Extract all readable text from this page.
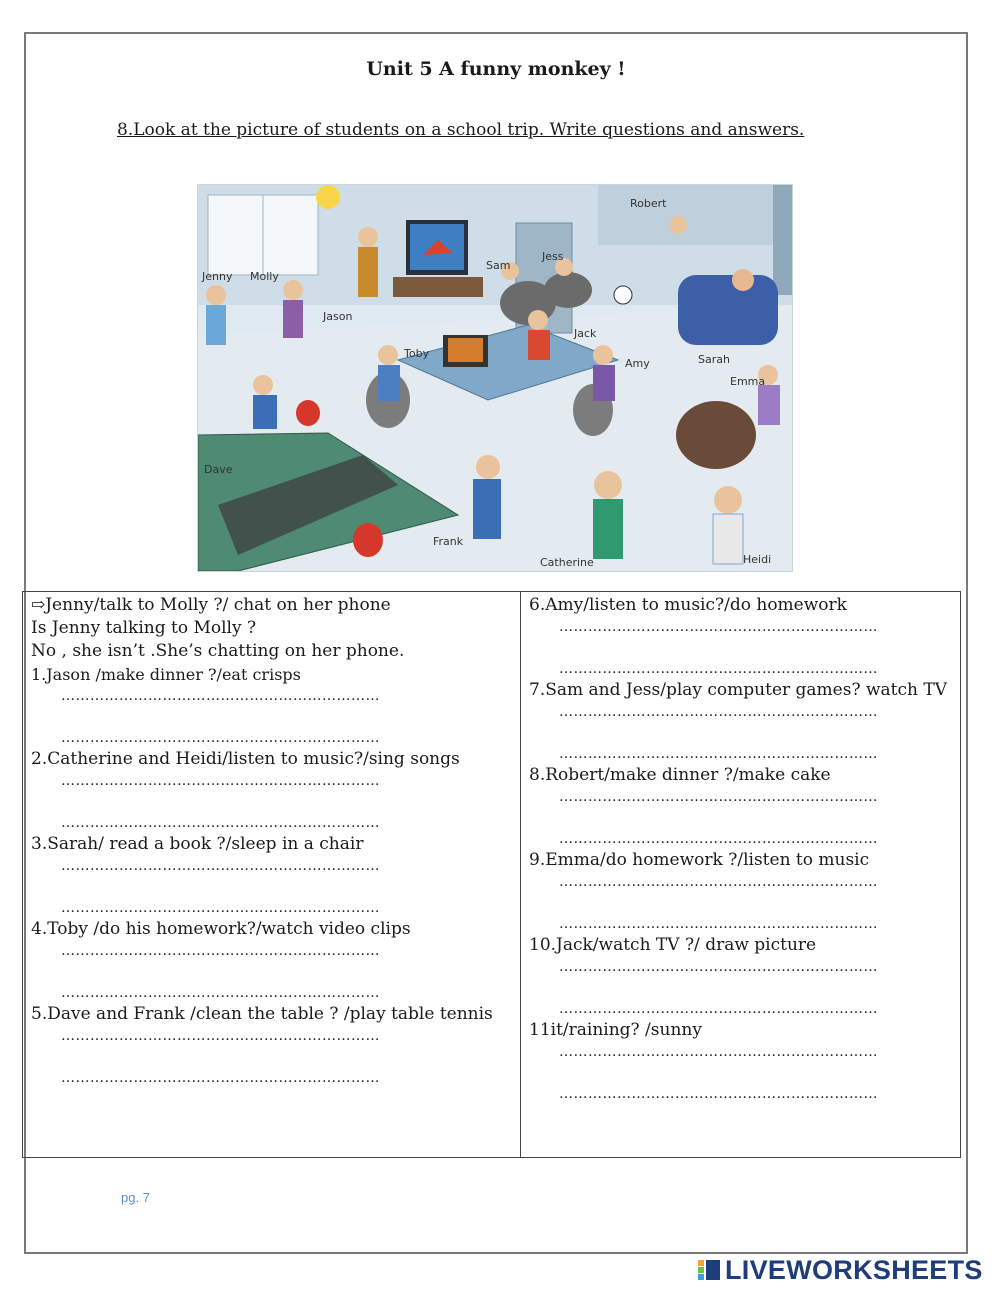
Unit 5 A funny monkey !
8.Look at the picture of students on a school trip. Write questions and answers.
Robert
Jess
Sam
Jenny Molly
Jason
Toby
Jack
Amy	Sarah
Emma
Dave
Frank
Catherine	Heidi
⇨Jenny/talk to Molly ?/ chat on her phone
Is Jenny talking to Molly ?
No , she isn’t .She’s chatting on her phone.
1.Jason /make dinner ?/eat crisps
…………………………………………………………
…………………………………………………………
2.Catherine and Heidi/listen to music?/sing songs
…………………………………………………………
…………………………………………………………
3.Sarah/ read a book ?/sleep in a chair
…………………………………………………………
…………………………………………………………
4.Toby /do his homework?/watch video clips
…………………………………………………………
…………………………………………………………
5.Dave and Frank /clean the table ? /play table tennis
…………………………………………………………
…………………………………………………………
6.Amy/listen to music?/do homework
…………………………………………………………
…………………………………………………………
7.Sam and Jess/play computer games? watch TV
…………………………………………………………
…………………………………………………………
8.Robert/make dinner ?/make cake
…………………………………………………………
…………………………………………………………
9.Emma/do homework ?/listen to music
…………………………………………………………
…………………………………………………………
10.Jack/watch TV ?/ draw picture
…………………………………………………………
…………………………………………………………
11it/raining? /sunny
…………………………………………………………
…………………………………………………………
pg. 7
LIVEWORKSHEETS
